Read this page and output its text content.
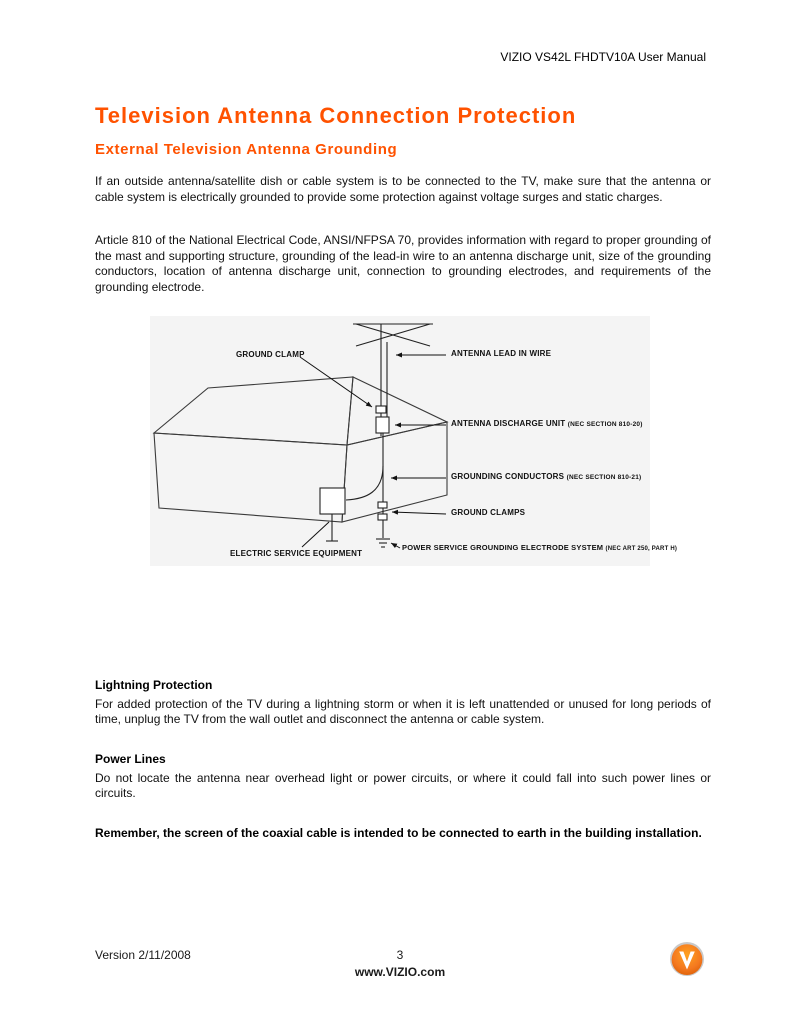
VIZIO VS42L FHDTV10A User Manual
Television Antenna Connection Protection
External Television Antenna Grounding

If an outside antenna/satellite dish or cable system is to be connected to the TV, make sure that the antenna or cable system is electrically grounded to provide some protection against voltage surges and static charges.

Article 810 of the National Electrical Code, ANSI/NFPSA 70, provides information with regard to proper grounding of the mast and supporting structure, grounding of the lead-in wire to an antenna discharge unit, size of the grounding conductors, location of antenna discharge unit, connection to grounding electrodes, and requirements of the grounding electrode.

GROUND CLAMP	ANTENNA LEAD IN WIRE
ANTENNA DISCHARGE UNIT (NEC SECTION 810-20)
GROUNDING CONDUCTORS (NEC SECTION 810-21)
GROUND CLAMPS
ELECTRIC SERVICE EQUIPMENT
POWER SERVICE GROUNDING ELECTRODE SYSTEM (NEC ART 250, PART H)
Lightning Protection

For added protection of the TV during a lightning storm or when it is left unattended or unused for long periods of time, unplug the TV from the wall outlet and disconnect the antenna or cable system.

Power Lines

Do not locate the antenna near overhead light or power circuits, or where it could fall into such power lines or circuits.

Remember, the screen of the coaxial cable is intended to be connected to earth in the building installation.

Version 2/11/2008	3
www.VIZIO.com
